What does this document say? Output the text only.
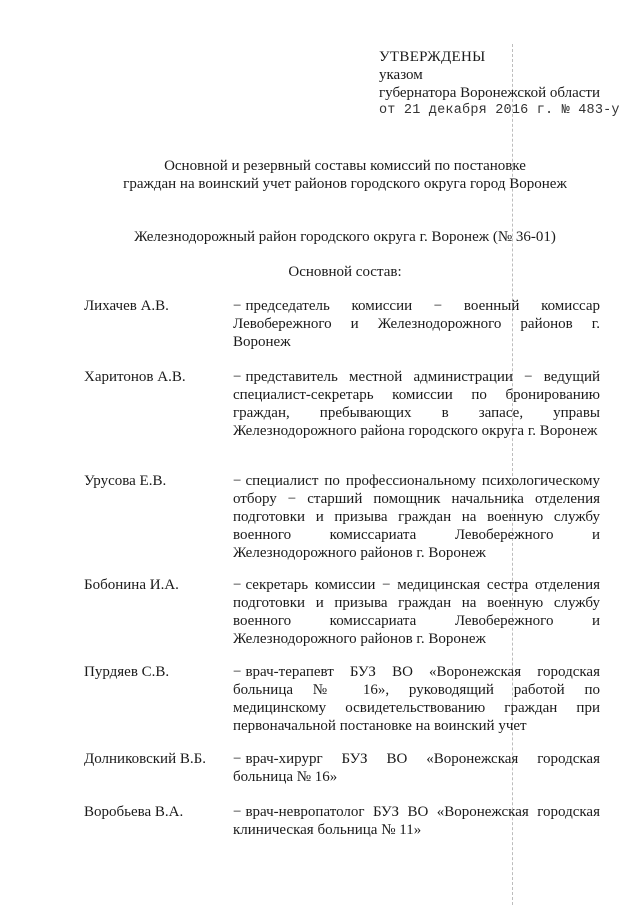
УТВЕРЖДЕНЫ
указом
губернатора Воронежской области
от 21 декабря 2016 г. № 483-у
Основной и резервный составы комиссий по постановке
граждан на воинский учет районов городского округа город Воронеж
Железнодорожный район городского округа г. Воронеж (№ 36-01)
Основной состав:
Лихачев А.В.	− председатель комиссии − военный комиссар Левобережного и Железнодорожного районов г. Воронеж
Харитонов А.В.	− представитель местной администрации − ведущий специалист-секретарь комиссии по бронированию граждан, пребывающих в запасе, управы Железнодорожного района городского округа г. Воронеж
Урусова Е.В.	− специалист по профессиональному психологическому отбору − старший помощник начальника отделения подготовки и призыва граждан на военную службу военного комиссариата Левобережного и Железнодорожного районов г. Воронеж
Бобонина И.А.	− секретарь комиссии − медицинская сестра отделения подготовки и призыва граждан на военную службу военного комиссариата Левобережного и Железнодорожного районов г. Воронеж
Пурдяев С.В.	− врач-терапевт БУЗ ВО «Воронежская городская больница № 16», руководящий работой по медицинскому освидетельствованию граждан при первоначальной постановке на воинский учет
Долниковский В.Б. − врач-хирург БУЗ ВО «Воронежская городская больница № 16»
Воробьева В.А.	− врач-невропатолог БУЗ ВО «Воронежская городская клиническая больница № 11»
